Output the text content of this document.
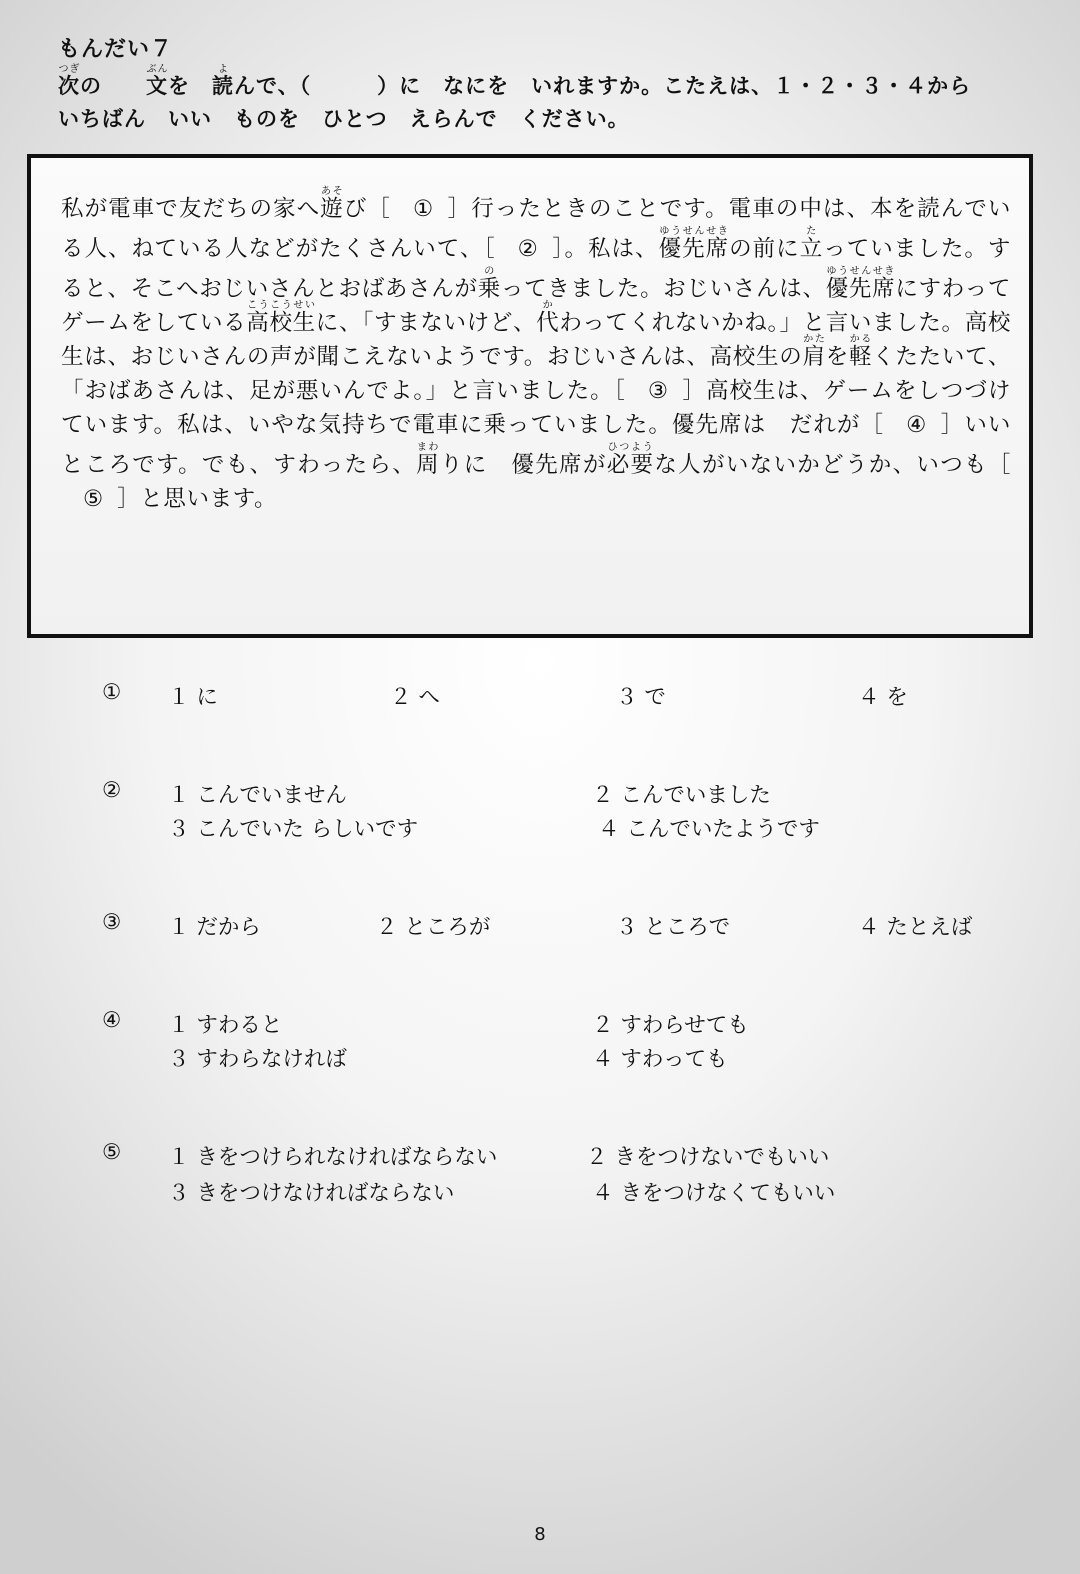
もんだい７
次つぎの　　文ぶんを　読よんで、（　　　）に　なにを　いれますか。こたえは、１・２・３・４から
いちばん　いい　ものを　ひとつ　えらんで　ください。

私が電車で友だちの家へ遊あそび［ ① ］行ったときのことです。電車の中は、本を読んでいる人、ねている人などがたくさんいて、［ ② ］。私は、優先席ゆうせんせきの前に立たっていました。すると、そこへおじいさんとおばあさんが乗のってきました。おじいさんは、優先席ゆうせんせきにすわってゲームをしている高校生こうこうせいに、「すまないけど、代かわってくれないかね。」と言いました。高校生は、おじいさんの声が聞こえないようです。おじいさんは、高校生の肩かたを軽かるくたたいて、「おばあさんは、足が悪いんでよ。」と言いました。［ ③ ］高校生は、ゲームをしつづけています。私は、いやな気持ちで電車に乗っていました。優先席は　だれが［ ④ ］いいところです。でも、すわったら、周まわりに　優先席が必要ひつような人がいないかどうか、いつも［⑤ ］と思います。

① １ に	２ へ	３ で	４ を
② １ こんでいません	２ こんでいました
３ こんでいた らしいです	４ こんでいたようです
③ １ だから	２ ところが	３ ところで	４ たとえば
④ １ すわると	２ すわらせても
３ すわらなければ	４ すわっても
⑤ １ きをつけられなければならない	２ きをつけないでもいい
３ きをつけなければならない	４ きをつけなくてもいい
8
